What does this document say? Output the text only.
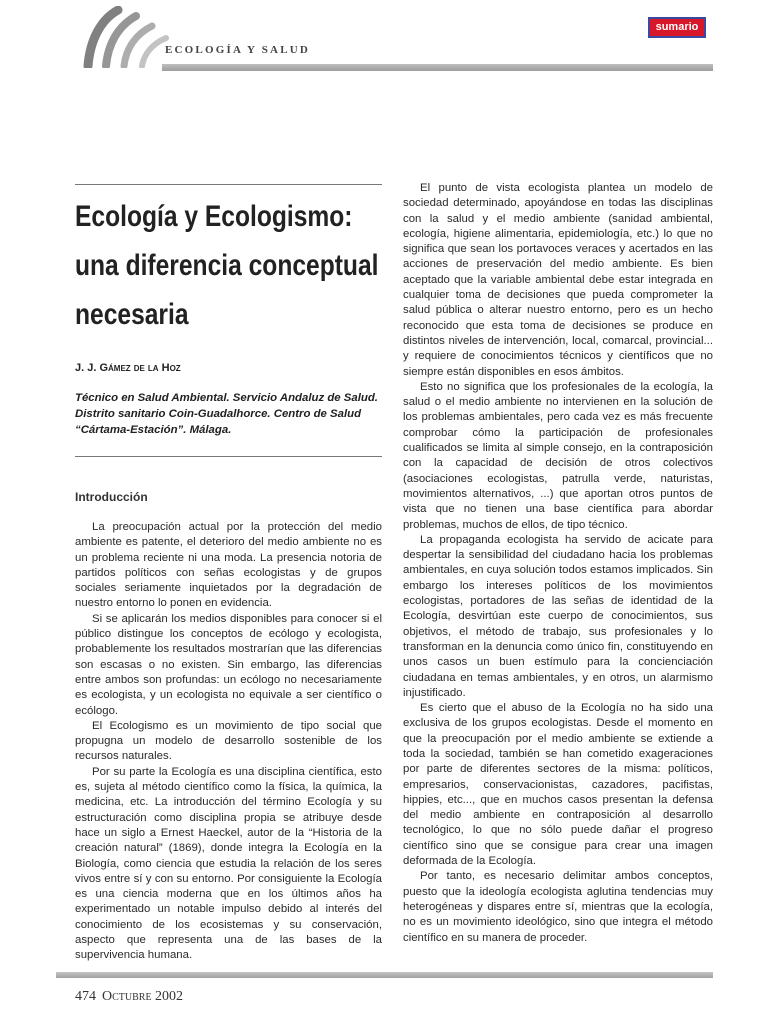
ECOLOGÍA Y SALUD
sumario
Ecología y Ecologismo:
una diferencia conceptual
necesaria
J. J. Gámez de la Hoz
Técnico en Salud Ambiental. Servicio Andaluz de Salud. Distrito sanitario Coin-Guadalhorce. Centro de Salud “Cártama-Estación”. Málaga.
Introducción

La preocupación actual por la protección del medio ambiente es patente, el deterioro del medio ambiente no es un problema reciente ni una moda. La presencia notoria de partidos políticos con señas ecologistas y de grupos sociales seriamente inquietados por la degradación de nuestro entorno lo ponen en evidencia.

Si se aplicarán los medios disponibles para conocer si el público distingue los conceptos de ecólogo y ecologista, probablemente los resultados mostrarían que las diferencias son escasas o no existen. Sin embargo, las diferencias entre ambos son profundas: un ecólogo no necesariamente es ecologista, y un ecologista no equivale a ser científico o ecólogo.

El Ecologismo es un movimiento de tipo social que propugna un modelo de desarrollo sostenible de los recursos naturales.

Por su parte la Ecología es una disciplina científica, esto es, sujeta al método científico como la física, la química, la medicina, etc. La introducción del término Ecología y su estructuración como disciplina propia se atribuye desde hace un siglo a Ernest Haeckel, autor de la “Historia de la creación natural” (1869), donde integra la Ecología en la Biología, como ciencia que estudia la relación de los seres vivos entre sí y con su entorno. Por consiguiente la Ecología es una ciencia moderna que en los últimos años ha experimentado un notable impulso debido al interés del conocimiento de los ecosistemas y su conservación, aspecto que representa una de las bases de la supervivencia humana.

El punto de vista ecologista plantea un modelo de sociedad determinado, apoyándose en todas las disciplinas con la salud y el medio ambiente (sanidad ambiental, ecología, higiene alimentaria, epidemiología, etc.) lo que no significa que sean los portavoces veraces y acertados en las acciones de preservación del medio ambiente. Es bien aceptado que la variable ambiental debe estar integrada en cualquier toma de decisiones que pueda comprometer la salud pública o alterar nuestro entorno, pero es un hecho reconocido que esta toma de decisiones se produce en distintos niveles de intervención, local, comarcal, provincial... y requiere de conocimientos técnicos y científicos que no siempre están disponibles en esos ámbitos.

Esto no significa que los profesionales de la ecología, la salud o el medio ambiente no intervienen en la solución de los problemas ambientales, pero cada vez es más frecuente comprobar cómo la participación de profesionales cualificados se limita al simple consejo, en la contraposición con la capacidad de decisión de otros colectivos (asociaciones ecologistas, patrulla verde, naturistas, movimientos alternativos, ...) que aportan otros puntos de vista que no tienen una base científica para abordar problemas, muchos de ellos, de tipo técnico.

La propaganda ecologista ha servido de acicate para despertar la sensibilidad del ciudadano hacia los problemas ambientales, en cuya solución todos estamos implicados. Sin embargo los intereses políticos de los movimientos ecologistas, portadores de las señas de identidad de la Ecología, desvirtúan este cuerpo de conocimientos, sus objetivos, el método de trabajo, sus profesionales y lo transforman en la denuncia como único fin, constituyendo en unos casos un buen estímulo para la concienciación ciudadana en temas ambientales, y en otros, un alarmismo injustificado.

Es cierto que el abuso de la Ecología no ha sido una exclusiva de los grupos ecologistas. Desde el momento en que la preocupación por el medio ambiente se extiende a toda la sociedad, también se han cometido exageraciones por parte de diferentes sectores de la misma: políticos, empresarios, conservacionistas, cazadores, pacifistas, hippies, etc..., que en muchos casos presentan la defensa del medio ambiente en contraposición al desarrollo tecnológico, lo que no sólo puede dañar el progreso científico sino que se consigue para crear una imagen deformada de la Ecología.

Por tanto, es necesario delimitar ambos conceptos, puesto que la ideología ecologista aglutina tendencias muy heterogéneas y dispares entre sí, mientras que la ecología, no es un movimiento ideológico, sino que integra el método científico en su manera de proceder.

474 Octubre 2002
